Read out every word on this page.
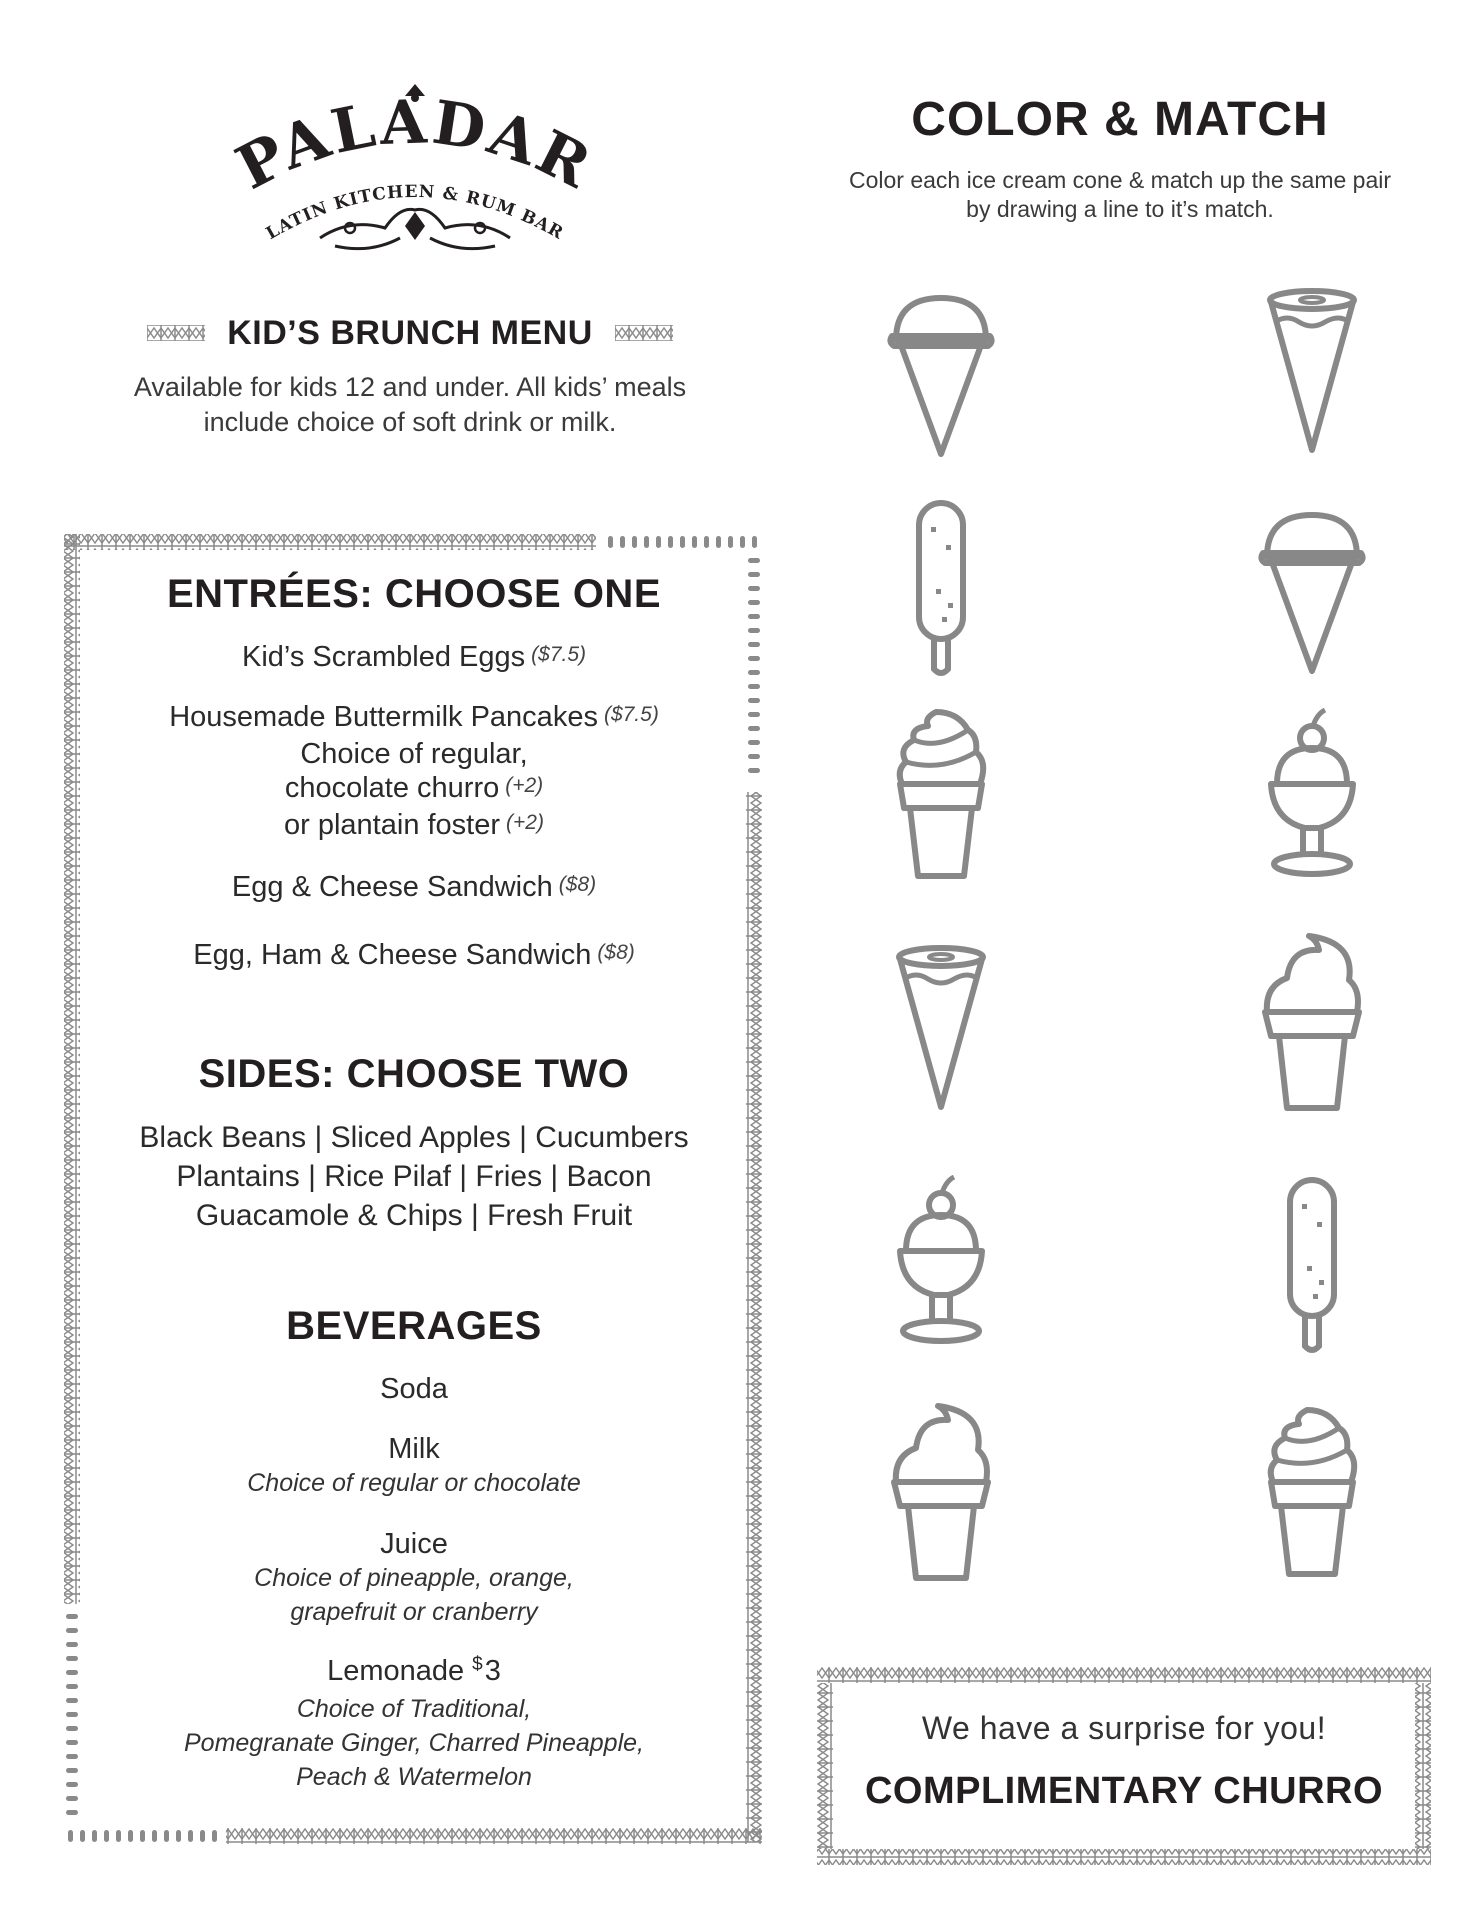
PALADAR
LATIN KITCHEN & RUM BAR
KID’S BRUNCH MENU
Available for kids 12 and under. All kids’ meals include choice of soft drink or milk.
ENTRÉES: CHOOSE ONE
Kid’s Scrambled Eggs ($7.5)
Housemade Buttermilk Pancakes ($7.5)
Choice of regular,
chocolate churro (+2)
or plantain foster (+2)
Egg & Cheese Sandwich ($8)
Egg, Ham & Cheese Sandwich ($8)
SIDES: CHOOSE TWO
Black Beans | Sliced Apples | Cucumbers
Plantains | Rice Pilaf | Fries | Bacon
Guacamole & Chips | Fresh Fruit
BEVERAGES
Soda
Milk
Choice of regular or chocolate
Juice
Choice of pineapple, orange,
grapefruit or cranberry
Lemonade $3
Choice of Traditional,
Pomegranate Ginger, Charred Pineapple,
Peach & Watermelon
COLOR & MATCH
Color each ice cream cone & match up the same pair
by drawing a line to it’s match.
We have a surprise for you!
COMPLIMENTARY CHURRO
